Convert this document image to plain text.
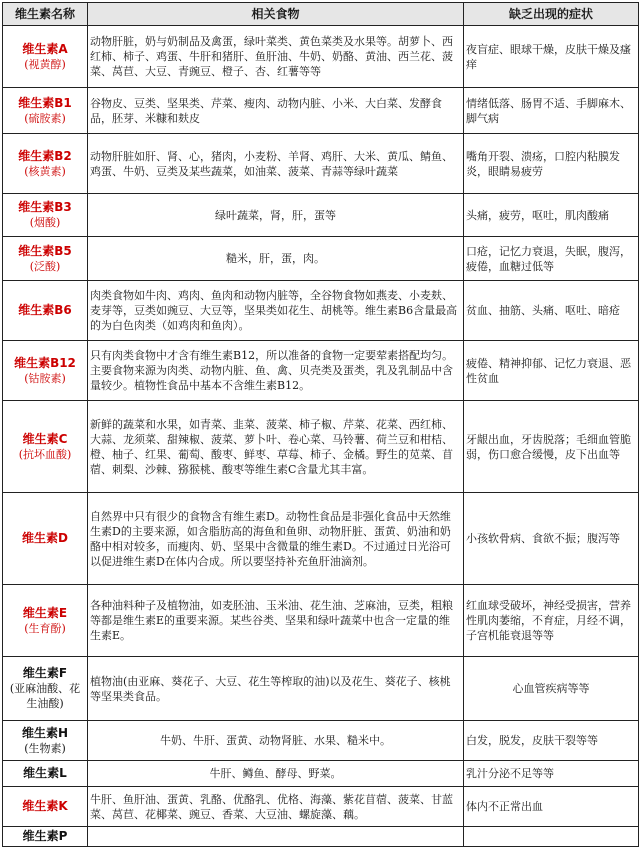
维生素名称	相关食物	缺乏出现的症状

维生素A
(视黄醇)	动物肝脏，奶与奶制品及禽蛋，绿叶菜类、黄色菜类及水果等。胡萝卜、西红柿、柿子、鸡蛋、牛肝和猪肝、鱼肝油、牛奶、奶酪、黄油、西兰花、菠菜、莴苣、大豆、青豌豆、橙子、杏、红薯等等	夜盲症、眼球干燥，皮肤干燥及瘙痒

维生素B1
(硫胺素)	谷物皮、豆类、坚果类、芹菜、瘦肉、动物内脏、小米、大白菜、发酵食品，胚芽、米糠和麸皮	情绪低落、肠胃不适、手脚麻木、脚气病

维生素B2
(核黄素)	动物肝脏如肝、肾、心，猪肉，小麦粉、羊肾、鸡肝、大米、黄瓜、鲭鱼、鸡蛋、牛奶、豆类及某些蔬菜，如油菜、菠菜、青蒜等绿叶蔬菜	嘴角开裂、溃疡，口腔内粘膜发炎，眼睛易疲劳

维生素B3
(烟酸)	绿叶蔬菜，肾，肝，蛋等	头痛，疲劳，呕吐，肌肉酸痛

维生素B5
(泛酸)	糙米，肝，蛋，肉。	口疮，记忆力衰退，失眠，腹泻，疲倦，血糖过低等

维生素B6	肉类食物如牛肉、鸡肉、鱼肉和动物内脏等，全谷物食物如燕麦、小麦麸、麦芽等，豆类如豌豆、大豆等，坚果类如花生、胡桃等。维生素B6含量最高的为白色肉类（如鸡肉和鱼肉）。	贫血、抽筋、头痛、呕吐、暗疮

维生素B12
(钴胺素)	只有肉类食物中才含有维生素B12，所以准备的食物一定要荤素搭配均匀。主要食物来源为肉类、动物内脏、鱼、禽、贝壳类及蛋类，乳及乳制品中含量较少。植物性食品中基本不含维生素B12。	疲倦、精神抑郁、记忆力衰退、恶性贫血

维生素C
(抗坏血酸)	新鲜的蔬菜和水果，如青菜、韭菜、菠菜、柿子椒、芹菜、花菜、西红柿、大蒜、龙须菜、甜辣椒、菠菜、萝卜叶、卷心菜、马铃薯、荷兰豆和柑桔、橙、柚子、红果、葡萄、酸枣、鲜枣、草莓、柿子、金橘。野生的苋菜、苜蓿、刺梨、沙棘、猕猴桃、酸枣等维生素C含量尤其丰富。	牙龈出血，牙齿脱落；毛细血管脆弱，伤口愈合缓慢，皮下出血等

维生素D	自然界中只有很少的食物含有维生素D。动物性食品是非强化食品中天然维生素D的主要来源，如含脂肪高的海鱼和鱼卵、动物肝脏、蛋黄、奶油和奶酪中相对较多，而瘦肉、奶、坚果中含微量的维生素D。不过通过日光浴可以促进维生素D在体内合成。所以要坚持补充鱼肝油滴剂。	小孩软骨病、食欲不振；腹泻等

维生素E
(生育酚)	各种油料种子及植物油，如麦胚油、玉米油、花生油、芝麻油，豆类，粗粮等都是维生素E的重要来源。某些谷类、坚果和绿叶蔬菜中也含一定量的维生素E。	红血球受破坏，神经受损害，营养性肌肉萎缩，不育症，月经不调，子宫机能衰退等等

维生素F
(亚麻油酸、花生油酸)	植物油(由亚麻、葵花子、大豆、花生等榨取的油)以及花生、葵花子、核桃等坚果类食品。	心血管疾病等等

维生素H
(生物素)	牛奶、牛肝、蛋黄、动物肾脏、水果、糙米中。	白发，脱发，皮肤干裂等等

维生素L	牛肝、鳟鱼、酵母、野菜。	乳汁分泌不足等等

维生素K	牛肝、鱼肝油、蛋黄、乳酪、优酪乳、优格、海藻、紫花苜蓿、菠菜、甘蓝菜、莴苣、花椰菜、豌豆、香菜、大豆油、螺旋藻、藕。	体内不正常出血

维生素P		
